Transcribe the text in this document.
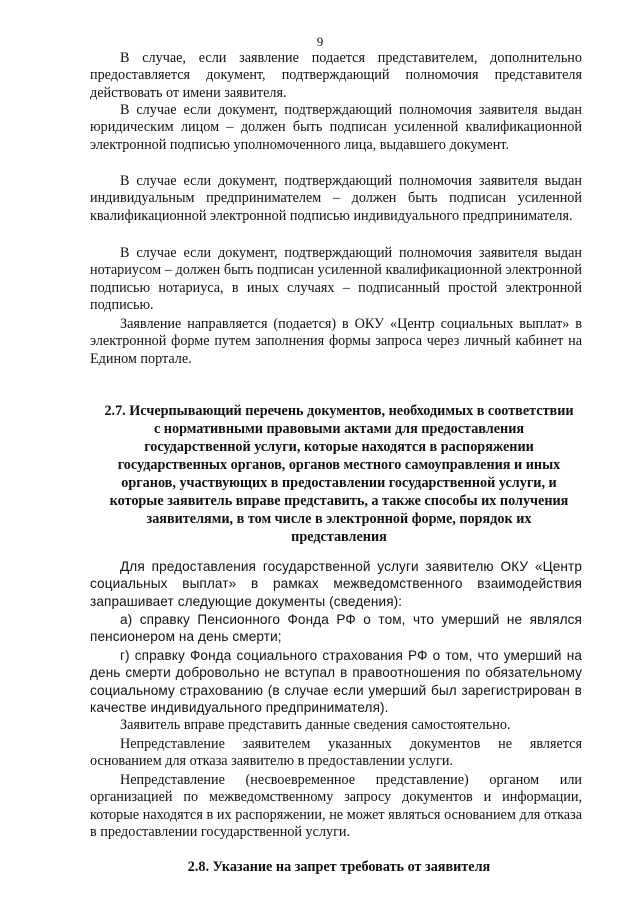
9

В случае, если заявление подается представителем, дополнительно предоставляется документ, подтверждающий полномочия представителя действовать от имени заявителя.

В случае если документ, подтверждающий полномочия заявителя выдан юридическим лицом – должен быть подписан усиленной квалификационной электронной подписью уполномоченного лица, выдавшего документ.

В случае если документ, подтверждающий полномочия заявителя выдан индивидуальным предпринимателем – должен быть подписан усиленной квалификационной электронной подписью индивидуального предпринимателя.

В случае если документ, подтверждающий полномочия заявителя выдан нотариусом – должен быть подписан усиленной квалификационной электронной подписью нотариуса, в иных случаях – подписанный простой электронной подписью.

Заявление направляется (подается) в ОКУ «Центр социальных выплат» в электронной форме путем заполнения формы запроса через личный кабинет на Едином портале.

2.7. Исчерпывающий перечень документов, необходимых в соответствии с нормативными правовыми актами для предоставления государственной услуги, которые находятся в распоряжении государственных органов, органов местного самоуправления и иных органов, участвующих в предоставлении государственной услуги, и которые заявитель вправе представить, а также способы их получения заявителями, в том числе в электронной форме, порядок их представления

Для предоставления государственной услуги заявителю ОКУ «Центр социальных выплат» в рамках межведомственного взаимодействия запрашивает следующие документы (сведения):

а) справку Пенсионного Фонда РФ о том, что умерший не являлся пенсионером на день смерти;

г) справку Фонда социального страхования РФ о том, что умерший на день смерти добровольно не вступал в правоотношения по обязательному социальному страхованию (в случае если умерший был зарегистрирован в качестве индивидуального предпринимателя).

Заявитель вправе представить данные сведения самостоятельно.

Непредставление заявителем указанных документов не является основанием для отказа заявителю в предоставлении услуги.

Непредставление (несвоевременное представление) органом или организацией по межведомственному запросу документов и информации, которые находятся в их распоряжении, не может являться основанием для отказа в предоставлении государственной услуги.

2.8. Указание на запрет требовать от заявителя
